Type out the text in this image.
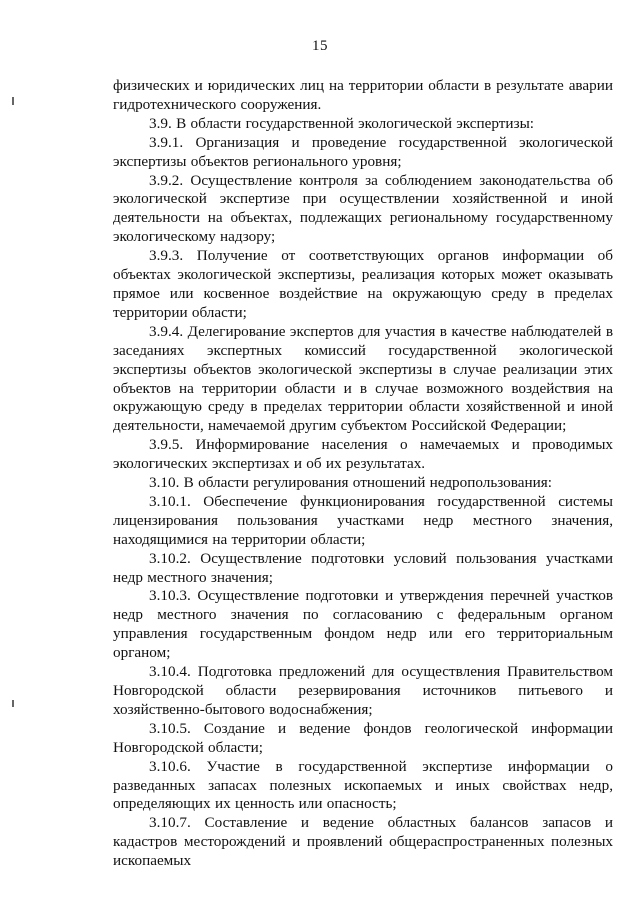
15

физических и юридических лиц на территории области в результате аварии гидротехнического сооружения.

3.9. В области государственной экологической экспертизы:

3.9.1. Организация и проведение государственной экологической экспертизы объектов регионального уровня;

3.9.2. Осуществление контроля за соблюдением законодательства об экологической экспертизе при осуществлении хозяйственной и иной деятельности на объектах, подлежащих региональному государственному экологическому надзору;

3.9.3. Получение от соответствующих органов информации об объектах экологической экспертизы, реализация которых может оказывать прямое или косвенное воздействие на окружающую среду в пределах территории области;

3.9.4. Делегирование экспертов для участия в качестве наблюдателей в заседаниях экспертных комиссий государственной экологической экспертизы объектов экологической экспертизы в случае реализации этих объектов на территории области и в случае возможного воздействия на окружающую среду в пределах территории области хозяйственной и иной деятельности, намечаемой другим субъектом Российской Федерации;

3.9.5. Информирование населения о намечаемых и проводимых экологических экспертизах и об их результатах.

3.10. В области регулирования отношений недропользования:

3.10.1. Обеспечение функционирования государственной системы лицензирования пользования участками недр местного значения, находящимися на территории области;

3.10.2. Осуществление подготовки условий пользования участками недр местного значения;

3.10.3. Осуществление подготовки и утверждения перечней участков недр местного значения по согласованию с федеральным органом управления государственным фондом недр или его территориальным органом;

3.10.4. Подготовка предложений для осуществления Правительством Новгородской области резервирования источников питьевого и хозяйственно-бытового водоснабжения;

3.10.5. Создание и ведение фондов геологической информации Новгородской области;

3.10.6. Участие в государственной экспертизе информации о разведанных запасах полезных ископаемых и иных свойствах недр, определяющих их ценность или опасность;

3.10.7. Составление и ведение областных балансов запасов и кадастров месторождений и проявлений общераспространенных полезных ископаемых
